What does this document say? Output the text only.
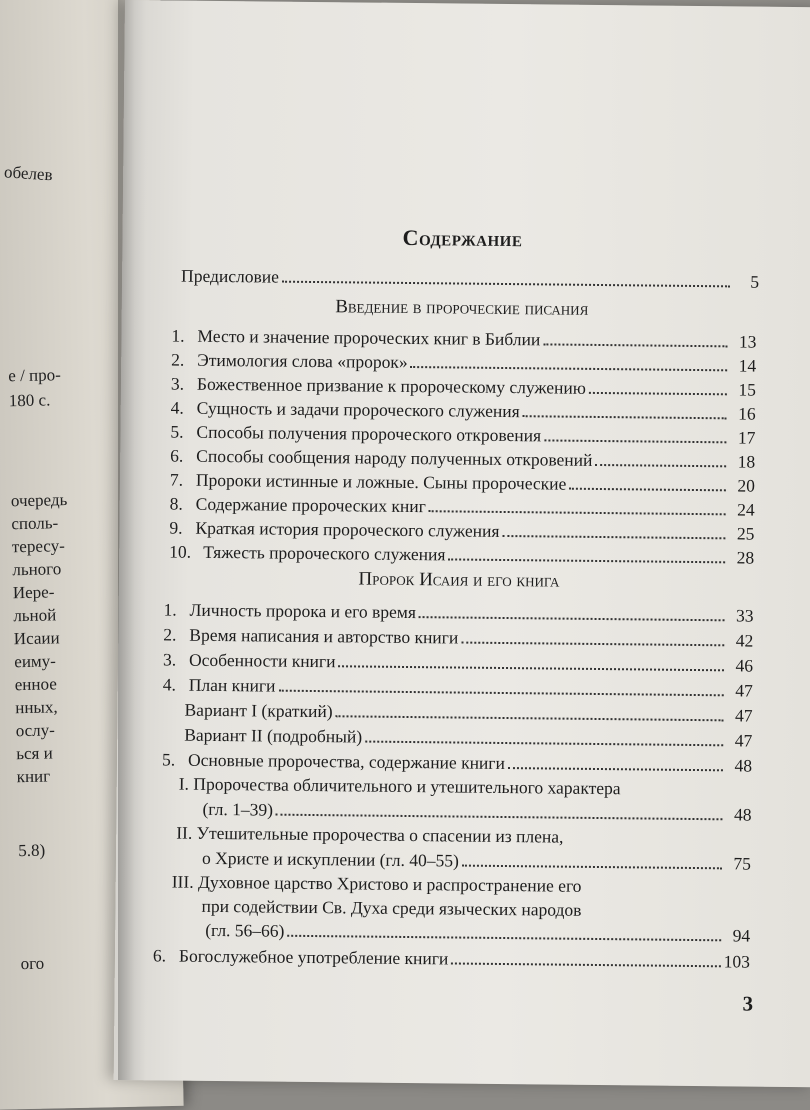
обелев
е / про-
180 с.
очередь
споль-
тересу-
льного
Иере-
льной
Исаии
еиму-
енное
нных,
ослу-
ься и
книг
5.8)
ого
Содержание
Предисловие	5
Введение в пророческие писания
1. Место и значение пророческих книг в Библии	13
2. Этимология слова «пророк»	14
3. Божественное призвание к пророческому служению	15
4. Сущность и задачи пророческого служения	16
5. Способы получения пророческого откровения	17
6. Способы сообщения народу полученных откровений	18
7. Пророки истинные и ложные. Сыны пророческие	20
8. Содержание пророческих книг	24
9. Краткая история пророческого служения	25
10. Тяжесть пророческого служения	28
Пророк Исаия и его книга
1. Личность пророка и его время	33
2. Время написания и авторство книги	42
3. Особенности книги	46
4. План книги	47
Вариант I (краткий)	47
Вариант II (подробный)	47
5. Основные пророчества, содержание книги	48
I. Пророчества обличительного и утешительного характера
(гл. 1–39)	48
II. Утешительные пророчества о спасении из плена,
о Христе и искуплении (гл. 40–55)	75
III. Духовное царство Христово и распространение его
при содействии Св. Духа среди языческих народов
(гл. 56–66)	94
6. Богослужебное употребление книги	103
3
